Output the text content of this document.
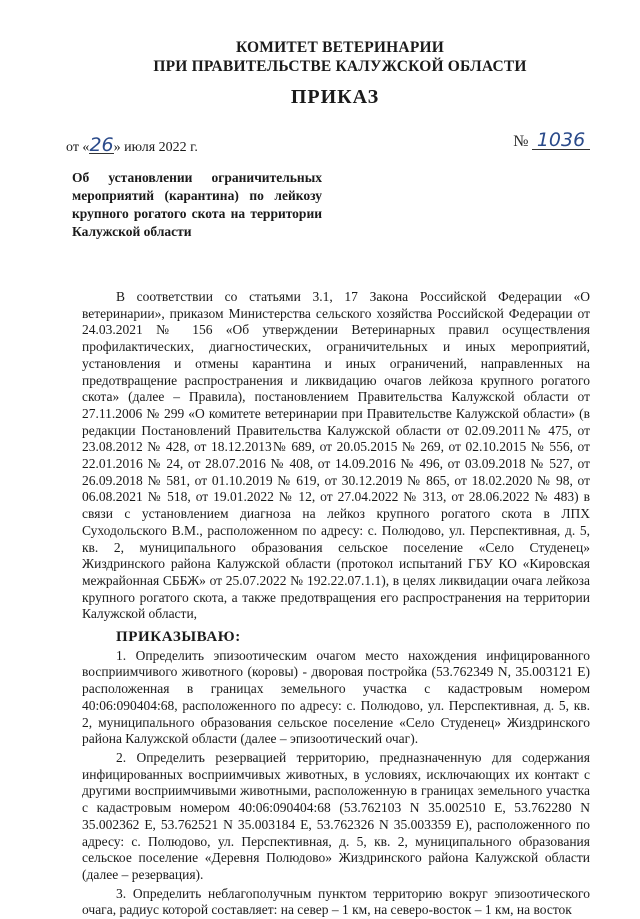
КОМИТЕТ ВЕТЕРИНАРИИ
ПРИ ПРАВИТЕЛЬСТВЕ КАЛУЖСКОЙ ОБЛАСТИ
ПРИКАЗ
от «26» июля 2022 г.	№ 1036
Об установлении ограничительных мероприятий (карантина) по лейкозу крупного рогатого скота на территории Калужской области

В соответствии со статьями 3.1, 17 Закона Российской Федерации «О ветеринарии», приказом Министерства сельского хозяйства Российской Федерации от 24.03.2021 № 156 «Об утверждении Ветеринарных правил осуществления профилактических, диагностических, ограничительных и иных мероприятий, установления и отмены карантина и иных ограничений, направленных на предотвращение распространения и ликвидацию очагов лейкоза крупного рогатого скота» (далее – Правила), постановлением Правительства Калужской области от 27.11.2006 № 299 «О комитете ветеринарии при Правительстве Калужской области» (в редакции Постановлений Правительства Калужской области от 02.09.2011№ 475, от 23.08.2012 № 428, от 18.12.2013№ 689, от 20.05.2015 № 269, от 02.10.2015 № 556, от 22.01.2016 № 24, от 28.07.2016 № 408, от 14.09.2016 № 496, от 03.09.2018 № 527, от 26.09.2018 № 581, от 01.10.2019 № 619, от 30.12.2019 № 865, от 18.02.2020 № 98, от 06.08.2021 № 518, от 19.01.2022 № 12, от 27.04.2022 № 313, от 28.06.2022 № 483) в связи с установлением диагноза на лейкоз крупного рогатого скота в ЛПХ Суходольского В.М., расположенном по адресу: с. Полюдово, ул. Перспективная, д. 5, кв. 2, муниципального образования сельское поселение «Село Студенец» Жиздринского района Калужской области (протокол испытаний ГБУ КО «Кировская межрайонная СББЖ» от 25.07.2022 № 192.22.07.1.1), в целях ликвидации очага лейкоза крупного рогатого скота, а также предотвращения его распространения на территории Калужской области,

ПРИКАЗЫВАЮ:

1. Определить эпизоотическим очагом место нахождения инфицированного восприимчивого животного (коровы) - дворовая постройка (53.762349 N, 35.003121 E) расположенная в границах земельного участка с кадастровым номером 40:06:090404:68, расположенного по адресу: с. Полюдово, ул. Перспективная, д. 5, кв. 2, муниципального образования сельское поселение «Село Студенец» Жиздринского района Калужской области (далее – эпизоотический очаг).

2. Определить резервацией территорию, предназначенную для содержания инфицированных восприимчивых животных, в условиях, исключающих их контакт с другими восприимчивыми животными, расположенную в границах земельного участка с кадастровым номером 40:06:090404:68 (53.762103 N 35.002510 E, 53.762280 N 35.002362 E, 53.762521 N 35.003184 E, 53.762326 N 35.003359 E), расположенного по адресу: с. Полюдово, ул. Перспективная, д. 5, кв. 2, муниципального образования сельское поселение «Деревня Полюдово» Жиздринского района Калужской области (далее – резервация).

3. Определить неблагополучным пунктом территорию вокруг эпизоотического очага, радиус которой составляет: на север – 1 км, на северо-восток – 1 км, на восток
